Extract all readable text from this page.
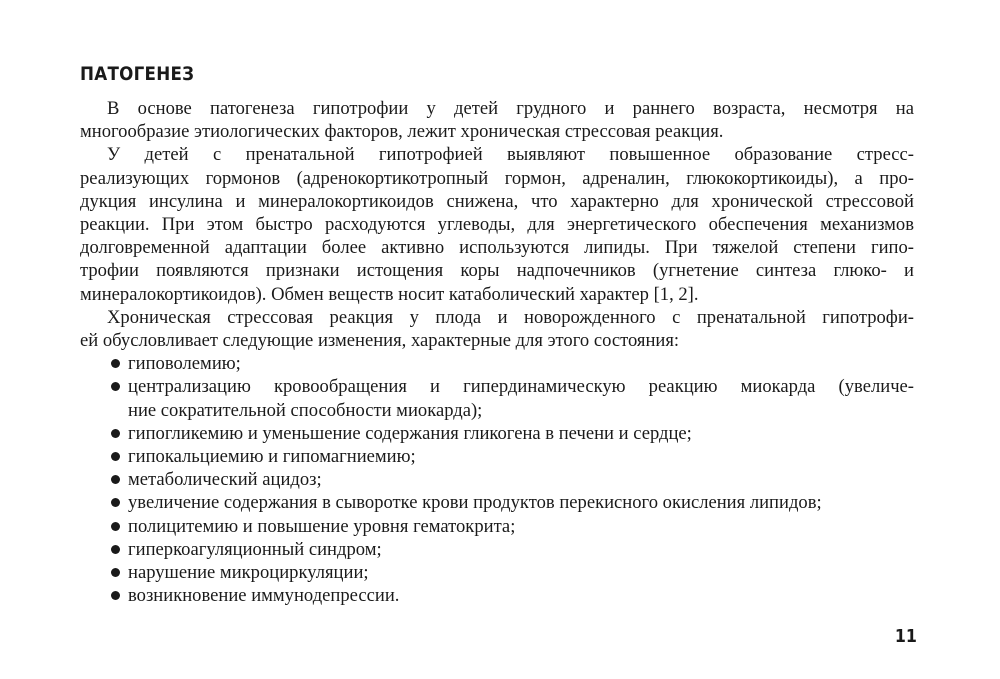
ПАТОГЕНЕЗ

В основе патогенеза гипотрофии у детей грудного и раннего возраста, несмотря на
многообразие этиологических факторов, лежит хроническая стрессовая реакция.

У детей с пренатальной гипотрофией выявляют повышенное образование стресс-
реализующих гормонов (адренокортикотропный гормон, адреналин, глюкокортикоиды), а про-
дукция инсулина и минералокортикоидов снижена, что характерно для хронической стрессовой
реакции. При этом быстро расходуются углеводы, для энергетического обеспечения механизмов
долговременной адаптации более активно используются липиды. При тяжелой степени гипо-
трофии появляются признаки истощения коры надпочечников (угнетение синтеза глюко- и
минералокортикоидов). Обмен веществ носит катаболический характер [1, 2].

Хроническая стрессовая реакция у плода и новорожденного с пренатальной гипотрофи-
ей обусловливает следующие изменения, характерные для этого состояния:

гиповолемию;
централизацию кровообращения и гипердинамическую реакцию миокарда (увеличе-
ние сократительной способности миокарда);
гипогликемию и уменьшение содержания гликогена в печени и сердце;
гипокальциемию и гипомагниемию;
метаболический ацидоз;
увеличение содержания в сыворотке крови продуктов перекисного окисления липидов;
полицитемию и повышение уровня гематокрита;
гиперкоагуляционный синдром;
нарушение микроциркуляции;
возникновение иммунодепрессии.
11
